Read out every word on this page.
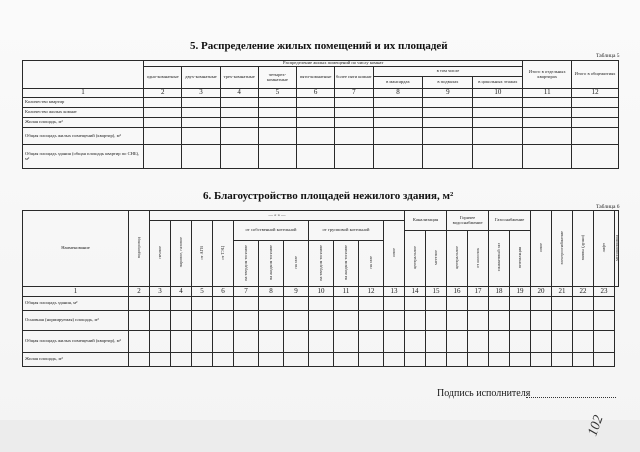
5. Распределение жилых помещений и их площадей
Таблица 5
	Распределение жилых помещений по числу комнат									Итого в отдельных квартирах	Итого в общежитиях
	одно-комнатные	двух-комнатные	трех-комнатные	четырех-комнатные	пяти-комнатные	более пяти комнат	в том числе				
							в мансардах	в подвалах	в цокольных этажах		
1	2	3	4	5	6	7	8	9	10	11	12
Количество квартир											
Количество жилых комнат											
Жилая площадь, м²											
Общая площадь жилых помещений (квартир), м²											
Общая площадь здания (общая площадь квартир по СНБ), м²											
6. Благоустройство площадей нежилого здания, м²
Таблица 6
Наименование	водопровод	— « » —											Канализация		Горячее водоснабжение		Газоснабжение		иное	электроснабжение	ванны (души)	лифт	мусоропровод
		печное	паровое, газовое	от АГВ	от ТЭЦ	от собственной котельной			от групповой котельной			иное											
													центральное	местное	центральное	от колонок	сжиженный газ	вентиляция					
						на твердом топливе	на жидком топливе	на газе	на твердом топливе	на жидком топливе	на газе												
1	2	3	4	5	6	7	8	9	10	11	12	13	14	15	16	17	18	19	20	21	22	23	
Общая площадь здания, м²																							
Основная (нормируемая) площадь, м²																							
Общая площадь жилых помещений (квартир), м²																							
Жилая площадь, м²																							
Подпись исполнителя
102
